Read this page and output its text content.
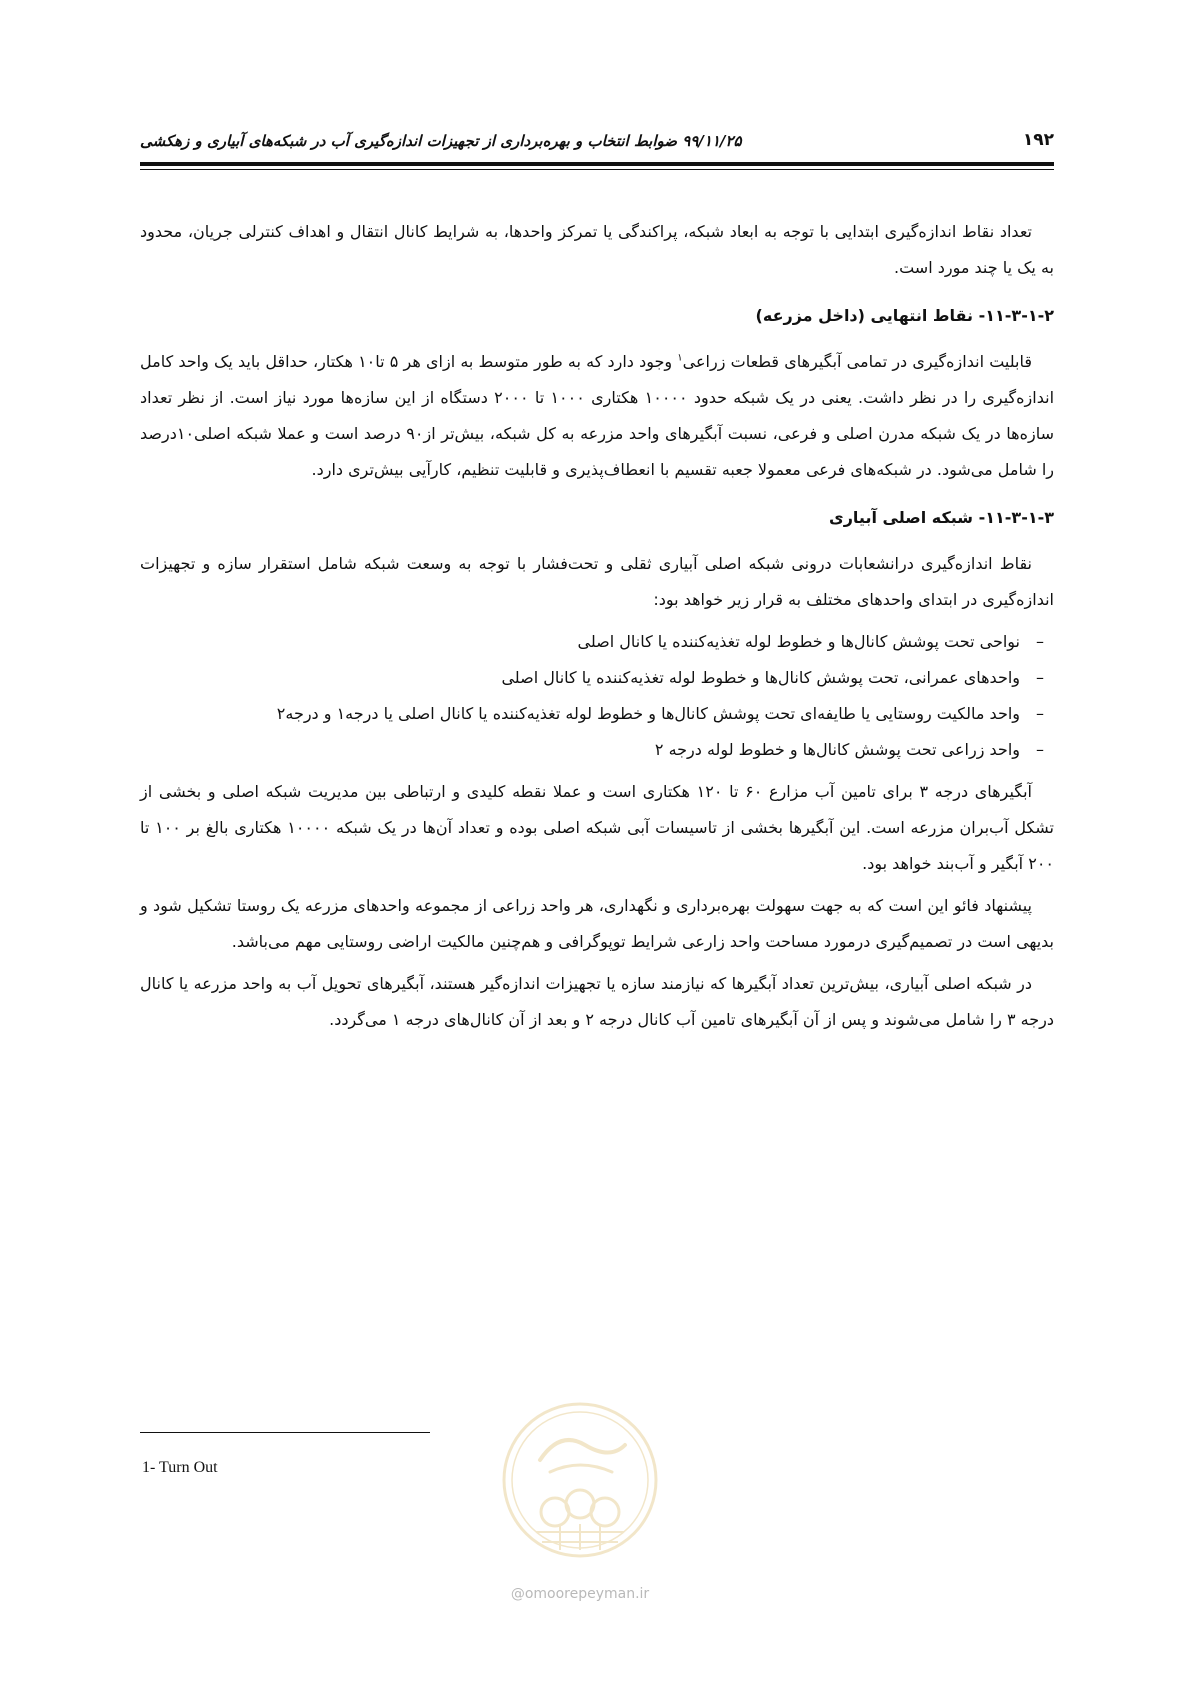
۱۹۲
۹۹/۱۱/۲۵ ضوابط انتخاب و بهره‌برداری از تجهیزات اندازه‌گیری آب در شبکه‌های آبیاری و زهکشی

تعداد نقاط اندازه‌گیری ابتدایی با توجه به ابعاد شبکه، پراکندگی یا تمرکز واحدها، به شرایط کانال انتقال و اهداف کنترلی جریان، محدود به یک یا چند مورد است.

۱۱-۳-۱-۲- نقاط انتهایی (داخل مزرعه)

قابلیت اندازه‌گیری در تمامی آبگیرهای قطعات زراعی$^۱$ وجود دارد که به طور متوسط به ازای هر ۵ تا۱۰ هکتار، حداقل باید یک واحد کامل اندازه‌گیری را در نظر داشت. یعنی در یک شبکه حدود ۱۰۰۰۰ هکتاری ۱۰۰۰ تا ۲۰۰۰ دستگاه از این سازه‌ها مورد نیاز است. از نظر تعداد سازه‌ها در یک شبکه مدرن اصلی و فرعی، نسبت آبگیرهای واحد مزرعه به کل شبکه، بیش‌تر از۹۰ درصد است و عملا شبکه اصلی۱۰درصد را شامل می‌شود. در شبکه‌های فرعی معمولا جعبه تقسیم با انعطاف‌پذیری و قابلیت تنظیم، کارآیی بیش‌تری دارد.

۱۱-۳-۱-۳- شبکه اصلی آبیاری

نقاط اندازه‌گیری درانشعابات درونی شبکه اصلی آبیاری ثقلی و تحت‌فشار با توجه به وسعت شبکه شامل استقرار سازه و تجهیزات اندازه‌گیری در ابتدای واحدهای مختلف به قرار زیر خواهد بود:

–
نواحی تحت پوشش کانال‌ها و خطوط لوله تغذیه‌کننده یا کانال اصلی
–
واحدهای عمرانی، تحت پوشش کانال‌ها و خطوط لوله تغذیه‌کننده یا کانال اصلی
–
واحد مالکیت روستایی یا طایفه‌ای تحت پوشش کانال‌ها و خطوط لوله تغذیه‌کننده یا کانال اصلی یا درجه۱ و درجه۲
–
واحد زراعی تحت پوشش کانال‌ها و خطوط لوله درجه ۲

آبگیرهای درجه ۳ برای تامین آب مزارع ۶۰ تا ۱۲۰ هکتاری است و عملا نقطه کلیدی و ارتباطی بین مدیریت شبکه اصلی و بخشی از تشکل آب‌بران مزرعه است. این آبگیرها بخشی از تاسیسات آبی شبکه اصلی بوده و تعداد آن‌ها در یک شبکه ۱۰۰۰۰ هکتاری بالغ بر ۱۰۰ تا ۲۰۰ آبگیر و آب‌بند خواهد بود.

پیشنهاد فائو این است که به جهت سهولت بهره‌برداری و نگهداری، هر واحد زراعی از مجموعه واحدهای مزرعه یک روستا تشکیل شود و بدیهی است در تصمیم‌گیری درمورد مساحت واحد زارعی شرایط توپوگرافی و هم‌چنین مالکیت اراضی روستایی مهم می‌باشد.

در شبکه اصلی آبیاری، بیش‌ترین تعداد آبگیرها که نیازمند سازه یا تجهیزات اندازه‌گیر هستند، آبگیرهای تحویل آب به واحد مزرعه یا کانال درجه ۳ را شامل می‌شوند و پس از آن آبگیرهای تامین آب کانال درجه ۲ و بعد از آن کانال‌های درجه ۱ می‌گردد.

1- Turn Out
@omoorepeyman.ir
